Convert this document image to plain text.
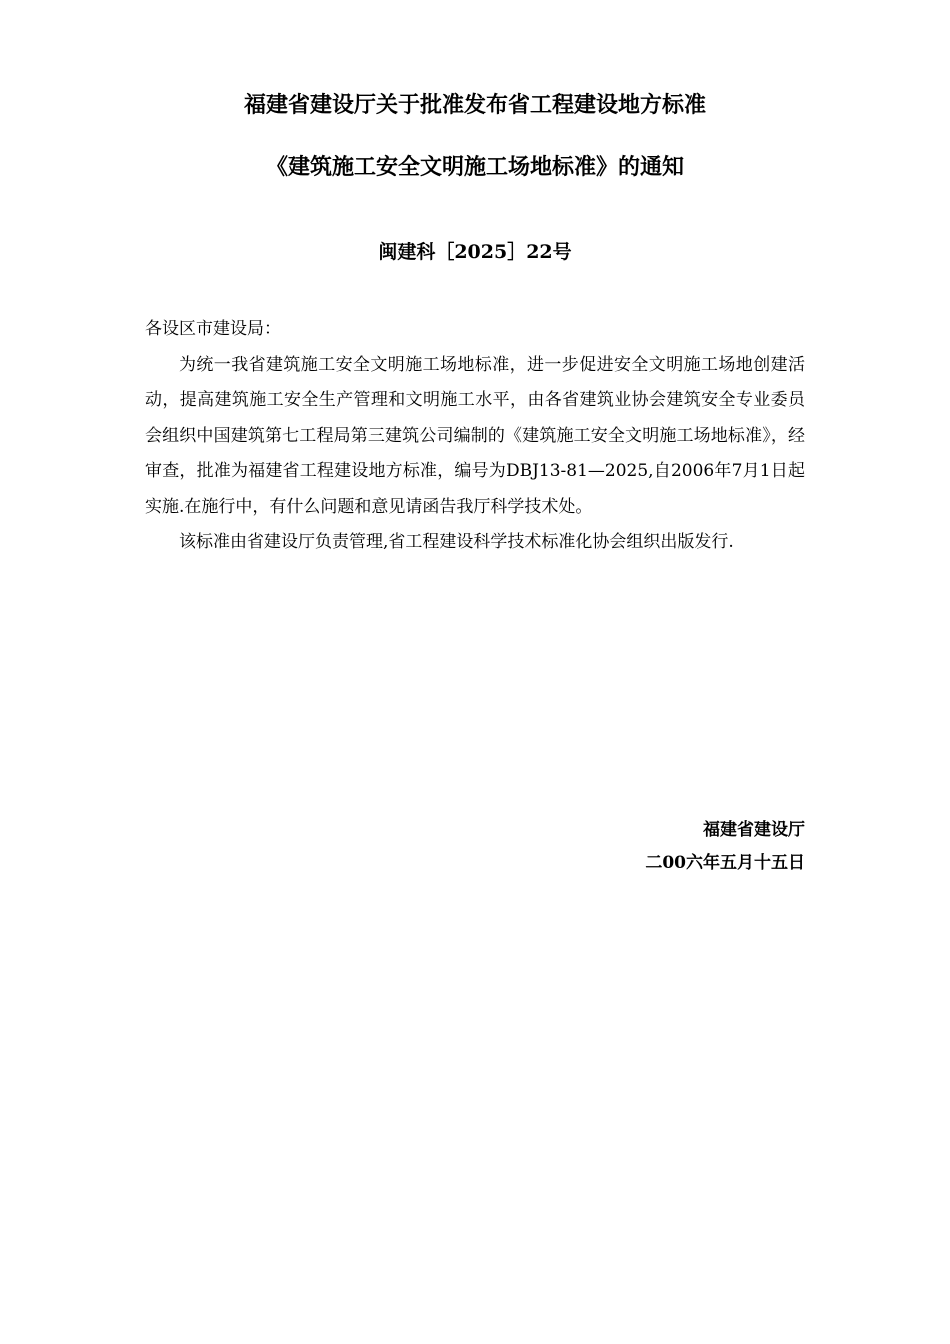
福建省建设厅关于批准发布省工程建设地方标准
《建筑施工安全文明施工场地标准》的通知
闽建科［2025］22号

各设区市建设局：

为统一我省建筑施工安全文明施工场地标准，进一步促进安全文明施工场地创建活动，提高建筑施工安全生产管理和文明施工水平，由各省建筑业协会建筑安全专业委员会组织中国建筑第七工程局第三建筑公司编制的《建筑施工安全文明施工场地标准》，经审查，批准为福建省工程建设地方标准，编号为DBJ13-81—2025,自2006年7月1日起实施.在施行中，有什么问题和意见请函告我厅科学技术处。

该标准由省建设厅负责管理,省工程建设科学技术标准化协会组织出版发行.

福建省建设厅
二00六年五月十五日
